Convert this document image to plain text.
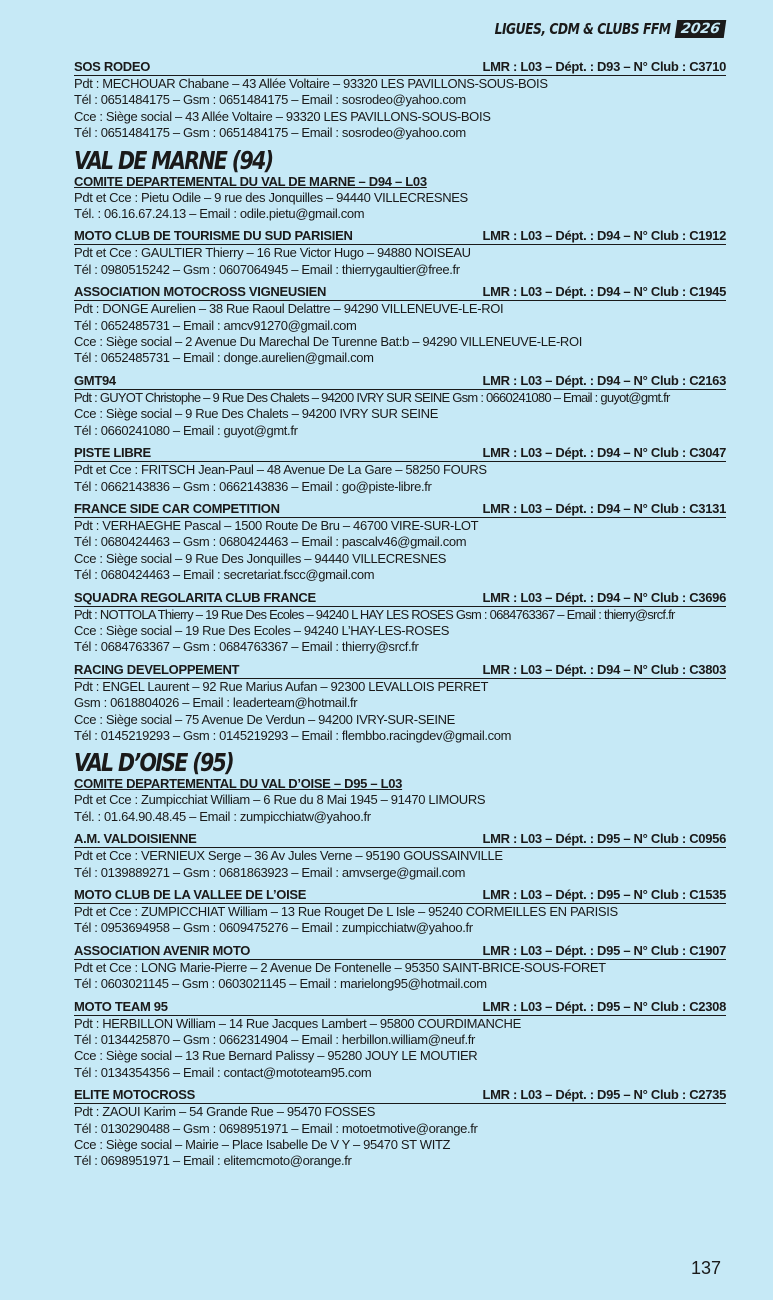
LIGUES, CDM & CLUBS FFM 2026
SOS RODEO	LMR : L03 – Dépt. : D93 – N° Club : C3710
Pdt : MECHOUAR Chabane – 43 Allée Voltaire – 93320 LES PAVILLONS-SOUS-BOIS
Tél : 0651484175 – Gsm : 0651484175 – Email : sosrodeo@yahoo.com
Cce : Siège social – 43 Allée Voltaire – 93320 LES PAVILLONS-SOUS-BOIS
Tél : 0651484175 – Gsm : 0651484175 – Email : sosrodeo@yahoo.com
VAL DE MARNE (94)
COMITE DEPARTEMENTAL DU VAL DE MARNE – D94 – L03
Pdt et Cce : Pietu Odile – 9 rue des Jonquilles – 94440 VILLECRESNES
Tél. : 06.16.67.24.13 – Email : odile.pietu@gmail.com
MOTO CLUB DE TOURISME DU SUD PARISIEN	LMR : L03 – Dépt. : D94 – N° Club : C1912
Pdt et Cce : GAULTIER Thierry – 16 Rue Victor Hugo – 94880 NOISEAU
Tél : 0980515242 – Gsm : 0607064945 – Email : thierrygaultier@free.fr
ASSOCIATION MOTOCROSS VIGNEUSIEN	LMR : L03 – Dépt. : D94 – N° Club : C1945
Pdt : DONGE Aurelien – 38 Rue Raoul Delattre – 94290 VILLENEUVE-LE-ROI
Tél : 0652485731 – Email : amcv91270@gmail.com
Cce : Siège social – 2 Avenue Du Marechal De Turenne Bat:b – 94290 VILLENEUVE-LE-ROI
Tél : 0652485731 – Email : donge.aurelien@gmail.com
GMT94	LMR : L03 – Dépt. : D94 – N° Club : C2163
Pdt : GUYOT Christophe – 9 Rue Des Chalets – 94200 IVRY SUR SEINE Gsm : 0660241080 – Email : guyot@gmt.fr
Cce : Siège social – 9 Rue Des Chalets – 94200 IVRY SUR SEINE
Tél : 0660241080 – Email : guyot@gmt.fr
PISTE LIBRE	LMR : L03 – Dépt. : D94 – N° Club : C3047
Pdt et Cce : FRITSCH Jean-Paul – 48 Avenue De La Gare – 58250 FOURS
Tél : 0662143836 – Gsm : 0662143836 – Email : go@piste-libre.fr
FRANCE SIDE CAR COMPETITION	LMR : L03 – Dépt. : D94 – N° Club : C3131
Pdt : VERHAEGHE Pascal – 1500 Route De Bru – 46700 VIRE-SUR-LOT
Tél : 0680424463 – Gsm : 0680424463 – Email : pascalv46@gmail.com
Cce : Siège social – 9 Rue Des Jonquilles – 94440 VILLECRESNES
Tél : 0680424463 – Email : secretariat.fscc@gmail.com
SQUADRA REGOLARITA CLUB FRANCE	LMR : L03 – Dépt. : D94 – N° Club : C3696
Pdt : NOTTOLA Thierry – 19 Rue Des Ecoles – 94240 L HAY LES ROSES Gsm : 0684763367 – Email : thierry@srcf.fr
Cce : Siège social – 19 Rue Des Ecoles – 94240 L’HAY-LES-ROSES
Tél : 0684763367 – Gsm : 0684763367 – Email : thierry@srcf.fr
RACING DEVELOPPEMENT	LMR : L03 – Dépt. : D94 – N° Club : C3803
Pdt : ENGEL Laurent – 92 Rue Marius Aufan – 92300 LEVALLOIS PERRET
Gsm : 0618804026 – Email : leaderteam@hotmail.fr
Cce : Siège social – 75 Avenue De Verdun – 94200 IVRY-SUR-SEINE
Tél : 0145219293 – Gsm : 0145219293 – Email : flembbo.racingdev@gmail.com
VAL D’OISE (95)
COMITE DEPARTEMENTAL DU VAL D’OISE – D95 – L03
Pdt et Cce : Zumpicchiat William – 6 Rue du 8 Mai 1945 – 91470 LIMOURS
Tél. : 01.64.90.48.45 – Email : zumpicchiatw@yahoo.fr
A.M. VALDOISIENNE	LMR : L03 – Dépt. : D95 – N° Club : C0956
Pdt et Cce : VERNIEUX Serge – 36 Av Jules Verne – 95190 GOUSSAINVILLE
Tél : 0139889271 – Gsm : 0681863923 – Email : amvserge@gmail.com
MOTO CLUB DE LA VALLEE DE L’OISE	LMR : L03 – Dépt. : D95 – N° Club : C1535
Pdt et Cce : ZUMPICCHIAT William – 13 Rue Rouget De L Isle – 95240 CORMEILLES EN PARISIS
Tél : 0953694958 – Gsm : 0609475276 – Email : zumpicchiatw@yahoo.fr
ASSOCIATION AVENIR MOTO	LMR : L03 – Dépt. : D95 – N° Club : C1907
Pdt et Cce : LONG Marie-Pierre – 2 Avenue De Fontenelle – 95350 SAINT-BRICE-SOUS-FORET
Tél : 0603021145 – Gsm : 0603021145 – Email : marielong95@hotmail.com
MOTO TEAM 95	LMR : L03 – Dépt. : D95 – N° Club : C2308
Pdt : HERBILLON William – 14 Rue Jacques Lambert – 95800 COURDIMANCHE
Tél : 0134425870 – Gsm : 0662314904 – Email : herbillon.william@neuf.fr
Cce : Siège social – 13 Rue Bernard Palissy – 95280 JOUY LE MOUTIER
Tél : 0134354356 – Email : contact@mototeam95.com
ELITE MOTOCROSS	LMR : L03 – Dépt. : D95 – N° Club : C2735
Pdt : ZAOUI Karim – 54 Grande Rue – 95470 FOSSES
Tél : 0130290488 – Gsm : 0698951971 – Email : motoetmotive@orange.fr
Cce : Siège social – Mairie – Place Isabelle De V Y – 95470 ST WITZ
Tél : 0698951971 – Email : elitemcmoto@orange.fr
137
